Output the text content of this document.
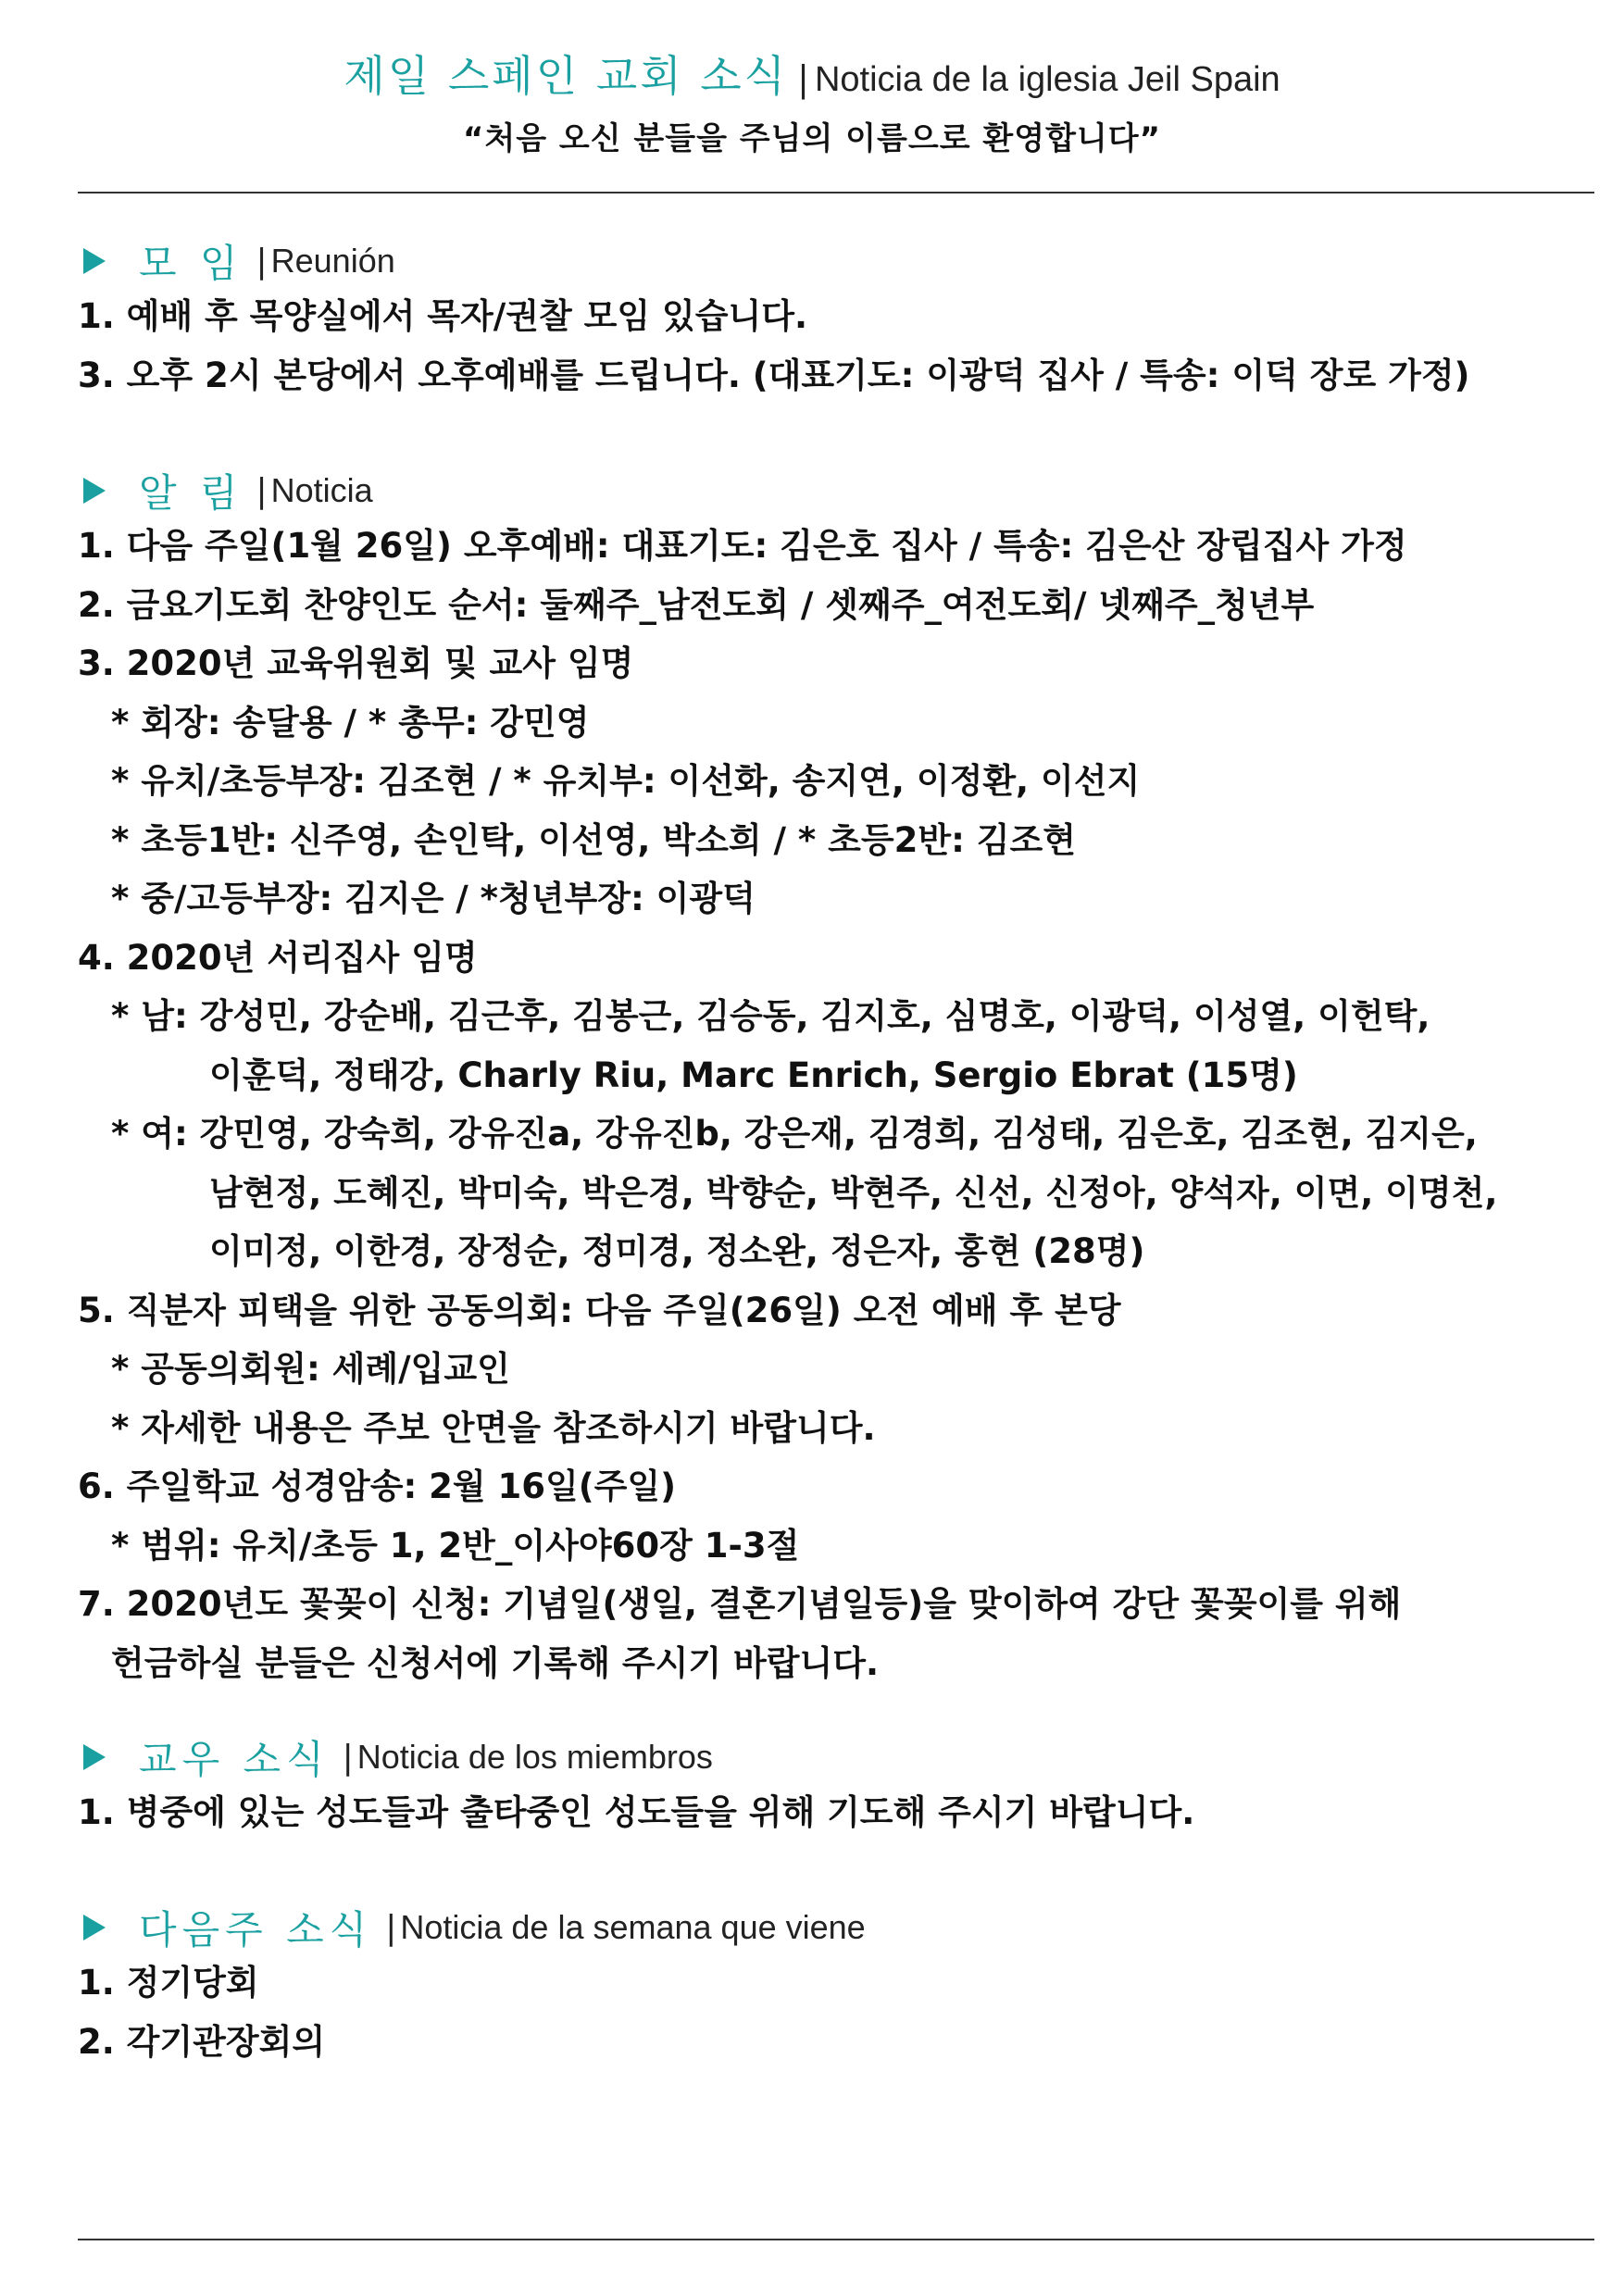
제일 스페인 교회 소식 | Noticia de la iglesia Jeil Spain
“처음 오신 분들을 주님의 이름으로 환영합니다”
모 임 | Reunión
1. 예배 후 목양실에서 목자/권찰 모임 있습니다.
3. 오후 2시 본당에서 오후예배를 드립니다. (대표기도: 이광덕 집사 / 특송: 이덕 장로 가정)
알 림 | Noticia
1. 다음 주일(1월 26일) 오후예배: 대표기도: 김은호 집사 / 특송: 김은산 장립집사 가정
2. 금요기도회 찬양인도 순서: 둘째주_남전도회 / 셋째주_여전도회/ 넷째주_청년부
3. 2020년 교육위원회 및 교사 임명
* 회장: 송달용 / * 총무: 강민영
* 유치/초등부장: 김조현 / * 유치부: 이선화, 송지연, 이정환, 이선지
* 초등1반: 신주영, 손인탁, 이선영, 박소희 / * 초등2반: 김조현
* 중/고등부장: 김지은 / *청년부장: 이광덕
4. 2020년 서리집사 임명
* 남: 강성민, 강순배, 김근후, 김봉근, 김승동, 김지호, 심명호, 이광덕, 이성열, 이헌탁,
이훈덕, 정태강, Charly Riu, Marc Enrich, Sergio Ebrat (15명)
* 여: 강민영, 강숙희, 강유진a, 강유진b, 강은재, 김경희, 김성태, 김은호, 김조현, 김지은,
남현정, 도혜진, 박미숙, 박은경, 박향순, 박현주, 신선, 신정아, 양석자, 이면, 이명천,
이미정, 이한경, 장정순, 정미경, 정소완, 정은자, 홍현 (28명)
5. 직분자 피택을 위한 공동의회: 다음 주일(26일) 오전 예배 후 본당
* 공동의회원: 세례/입교인
* 자세한 내용은 주보 안면을 참조하시기 바랍니다.
6. 주일학교 성경암송: 2월 16일(주일)
* 범위: 유치/초등 1, 2반_이사야60장 1-3절
7. 2020년도 꽃꽂이 신청: 기념일(생일, 결혼기념일등)을 맞이하여 강단 꽃꽂이를 위해
헌금하실 분들은 신청서에 기록해 주시기 바랍니다.
교우 소식 | Noticia de los miembros
1. 병중에 있는 성도들과 출타중인 성도들을 위해 기도해 주시기 바랍니다.
다음주 소식 | Noticia de la semana que viene
1. 정기당회
2. 각기관장회의
